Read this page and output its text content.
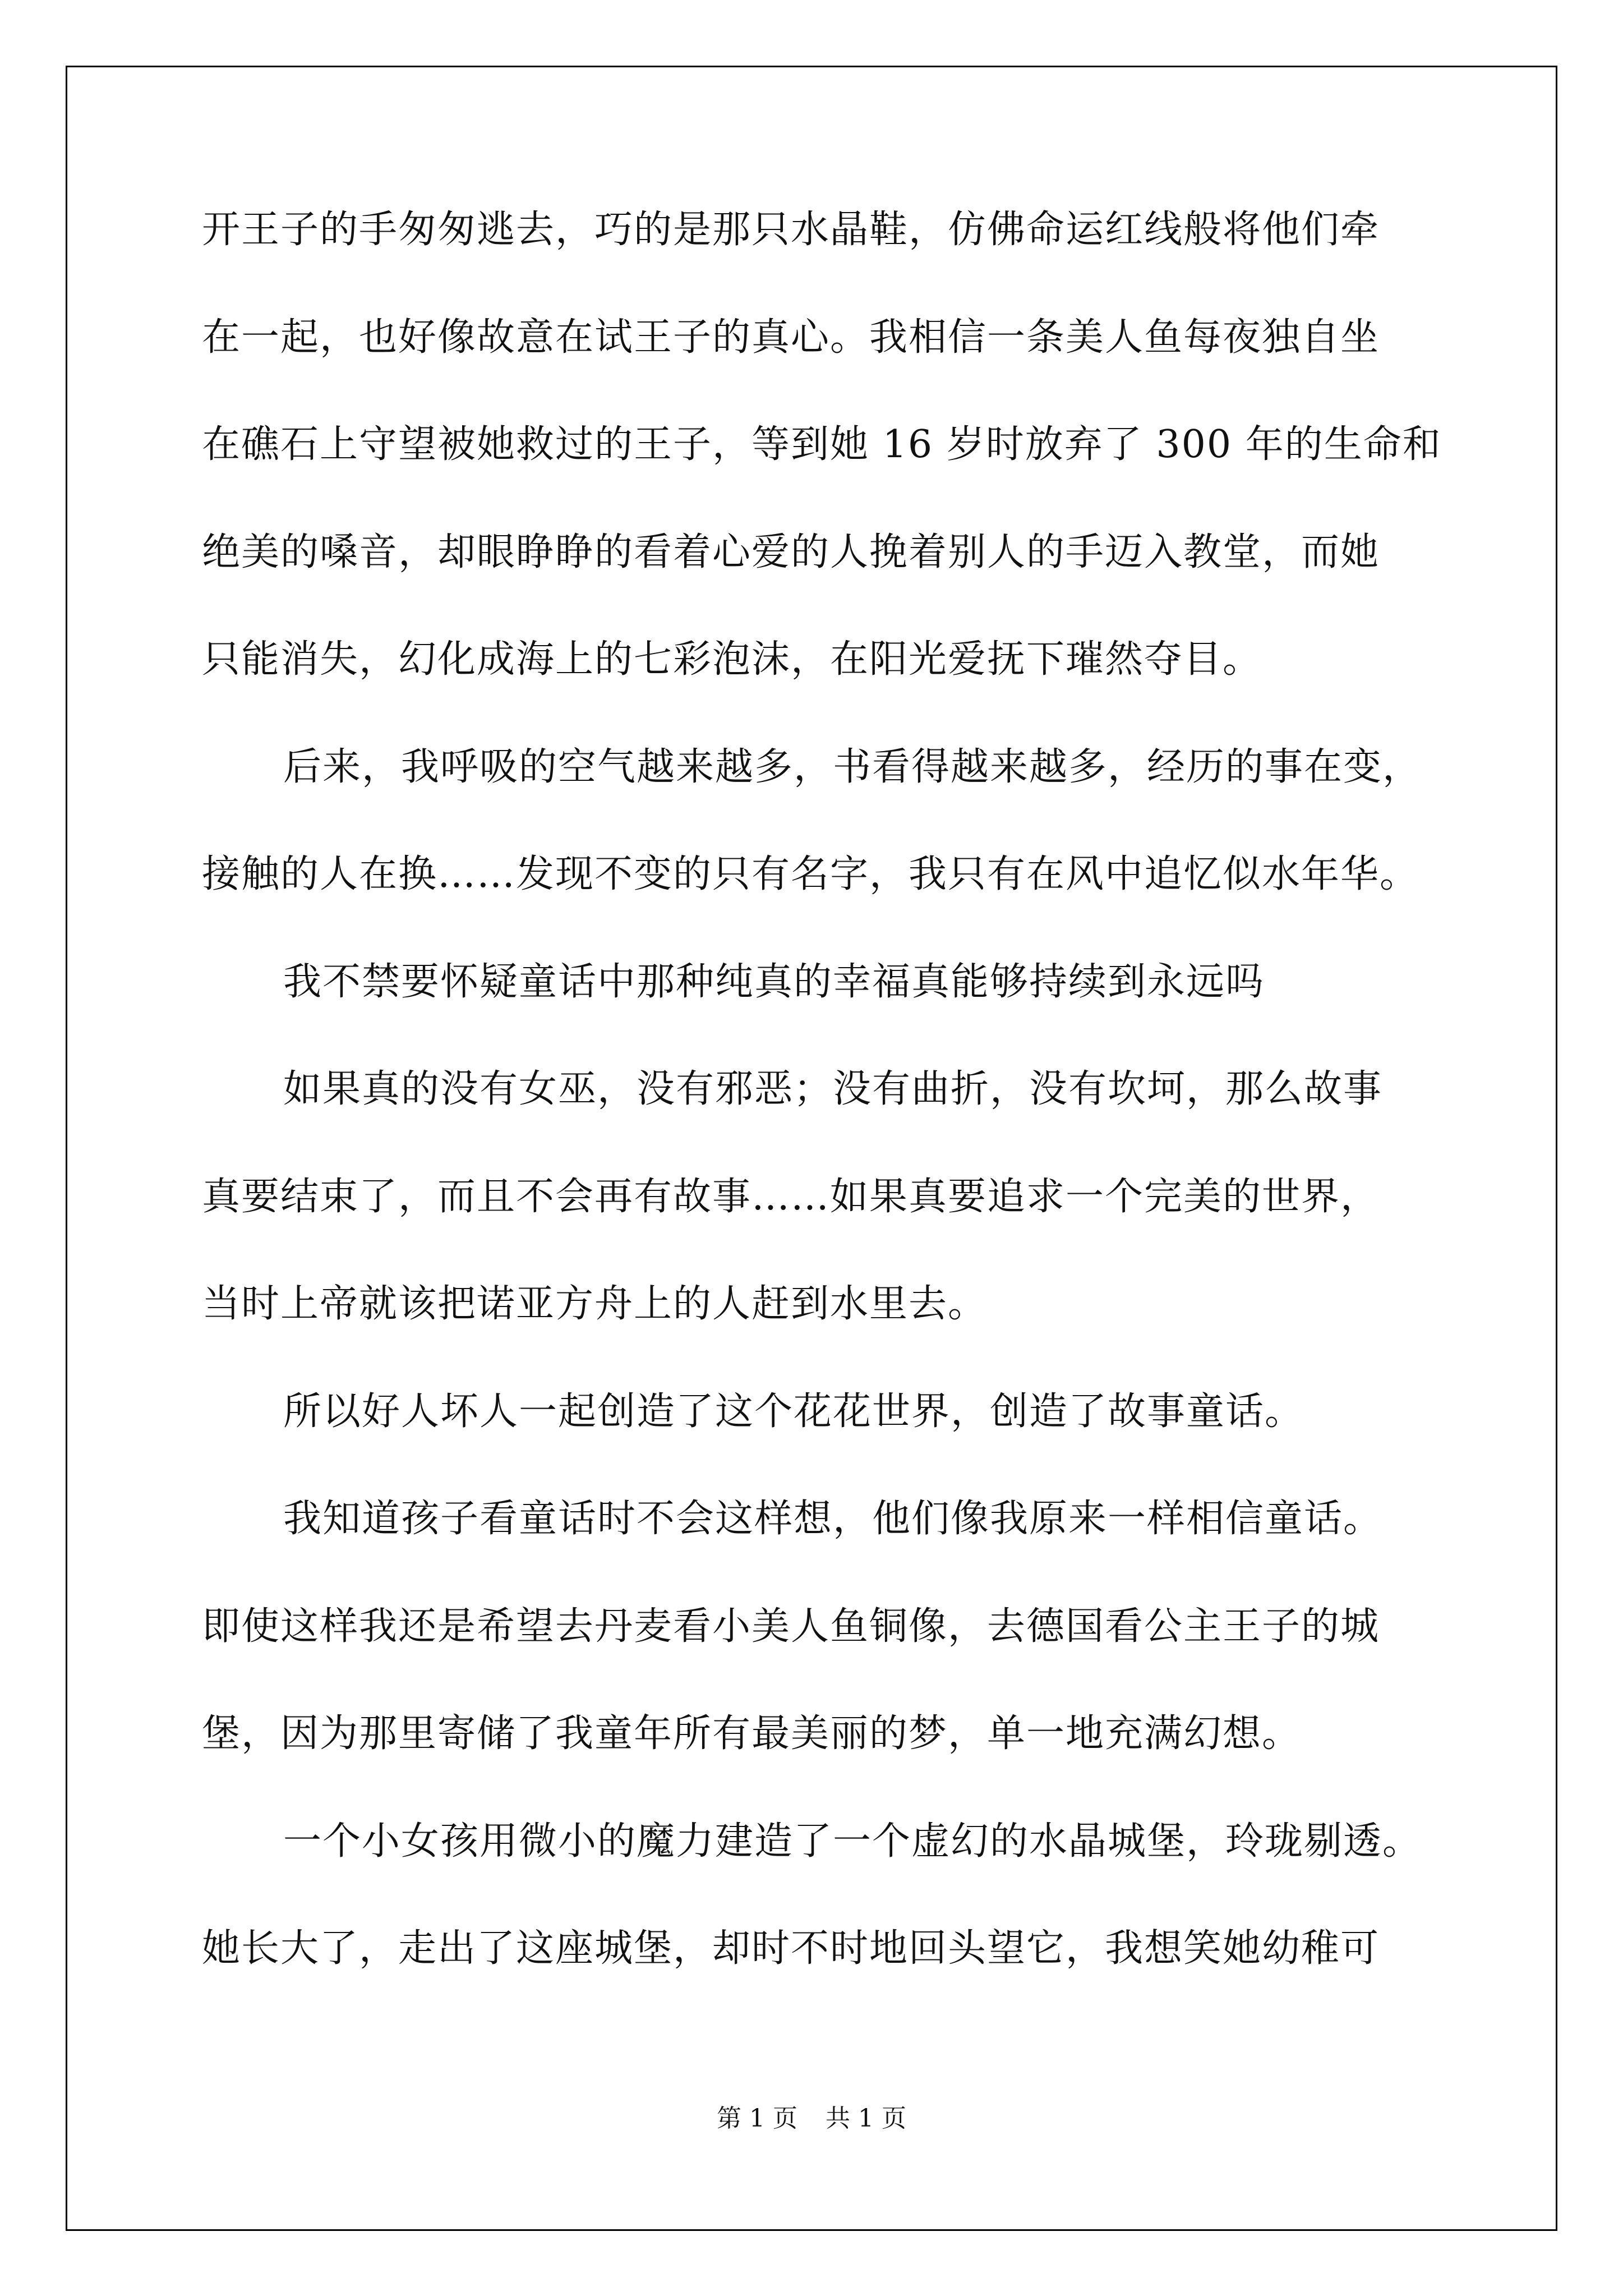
开王子的手匆匆逃去，巧的是那只水晶鞋，仿佛命运红线般将他们牵
在一起，也好像故意在试王子的真心。我相信一条美人鱼每夜独自坐
在礁石上守望被她救过的王子，等到她 16 岁时放弃了 300 年的生命和
绝美的嗓音，却眼睁睁的看着心爱的人挽着别人的手迈入教堂，而她
只能消失，幻化成海上的七彩泡沫，在阳光爱抚下璀然夺目。
后来，我呼吸的空气越来越多，书看得越来越多，经历的事在变，
接触的人在换……发现不变的只有名字，我只有在风中追忆似水年华。
我不禁要怀疑童话中那种纯真的幸福真能够持续到永远吗
如果真的没有女巫，没有邪恶；没有曲折，没有坎坷，那么故事
真要结束了，而且不会再有故事……如果真要追求一个完美的世界，
当时上帝就该把诺亚方舟上的人赶到水里去。
所以好人坏人一起创造了这个花花世界，创造了故事童话。
我知道孩子看童话时不会这样想，他们像我原来一样相信童话。
即使这样我还是希望去丹麦看小美人鱼铜像，去德国看公主王子的城
堡，因为那里寄储了我童年所有最美丽的梦，单一地充满幻想。
一个小女孩用微小的魔力建造了一个虚幻的水晶城堡，玲珑剔透。
她长大了，走出了这座城堡，却时不时地回头望它，我想笑她幼稚可
第 1 页 共 1 页
